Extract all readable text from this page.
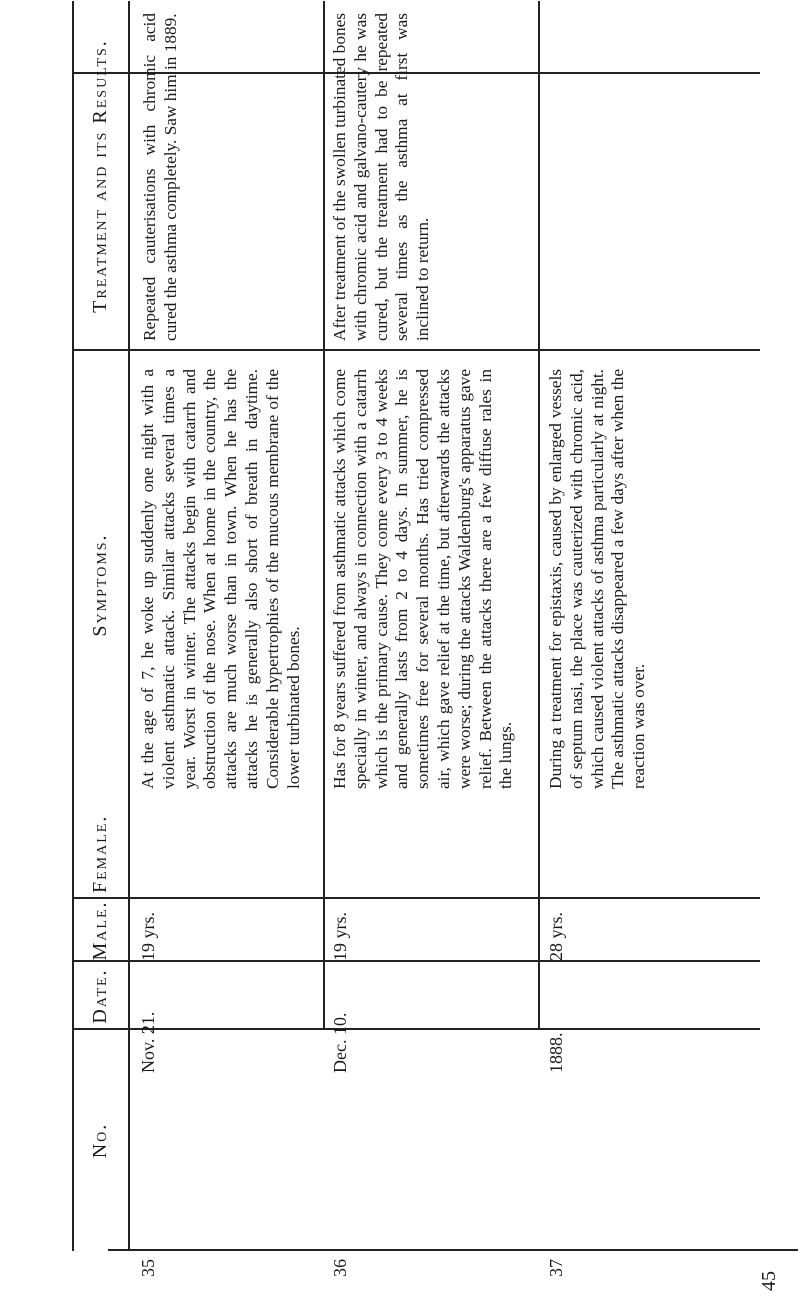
No.
Date.
Male.
Female.
Symptoms.
Treatment and its Results.
35
Nov. 21.
19 yrs.
At the age of 7, he woke up suddenly one night with a violent asthmatic attack. Similar attacks several times a year. Worst in winter. The attacks begin with catarrh and obstruction of the nose. When at home in the country, the attacks are much worse than in town. When he has the attacks he is generally also short of breath in daytime. Considerable hypertrophies of the mucous membrane of the lower turbinated bones.
Repeated cauterisations with chromic acid cured the asthma completely. Saw him in 1889.
36
Dec. 10.
19 yrs.
Has for 8 years suffered from asthmatic attacks which come specially in winter, and always in connection with a catarrh which is the primary cause. They come every 3 to 4 weeks and generally lasts from 2 to 4 days. In summer, he is sometimes free for several months. Has tried compressed air, which gave relief at the time, but afterwards the attacks were worse; during the attacks Waldenburg's apparatus gave relief. Between the attacks there are a few diffuse rales in the lungs.
After treatment of the swollen turbinated bones with chromic acid and galvano-cautery he was cured, but the treatment had to be repeated several times as the asthma at first was inclined to return.
37
1888.
28 yrs.
During a treatment for epistaxis, caused by enlarged vessels of septum nasi, the place was cauterized with chromic acid, which caused violent attacks of asthma particularly at night. The asthmatic attacks disappeared a few days after when the reaction was over.
45
